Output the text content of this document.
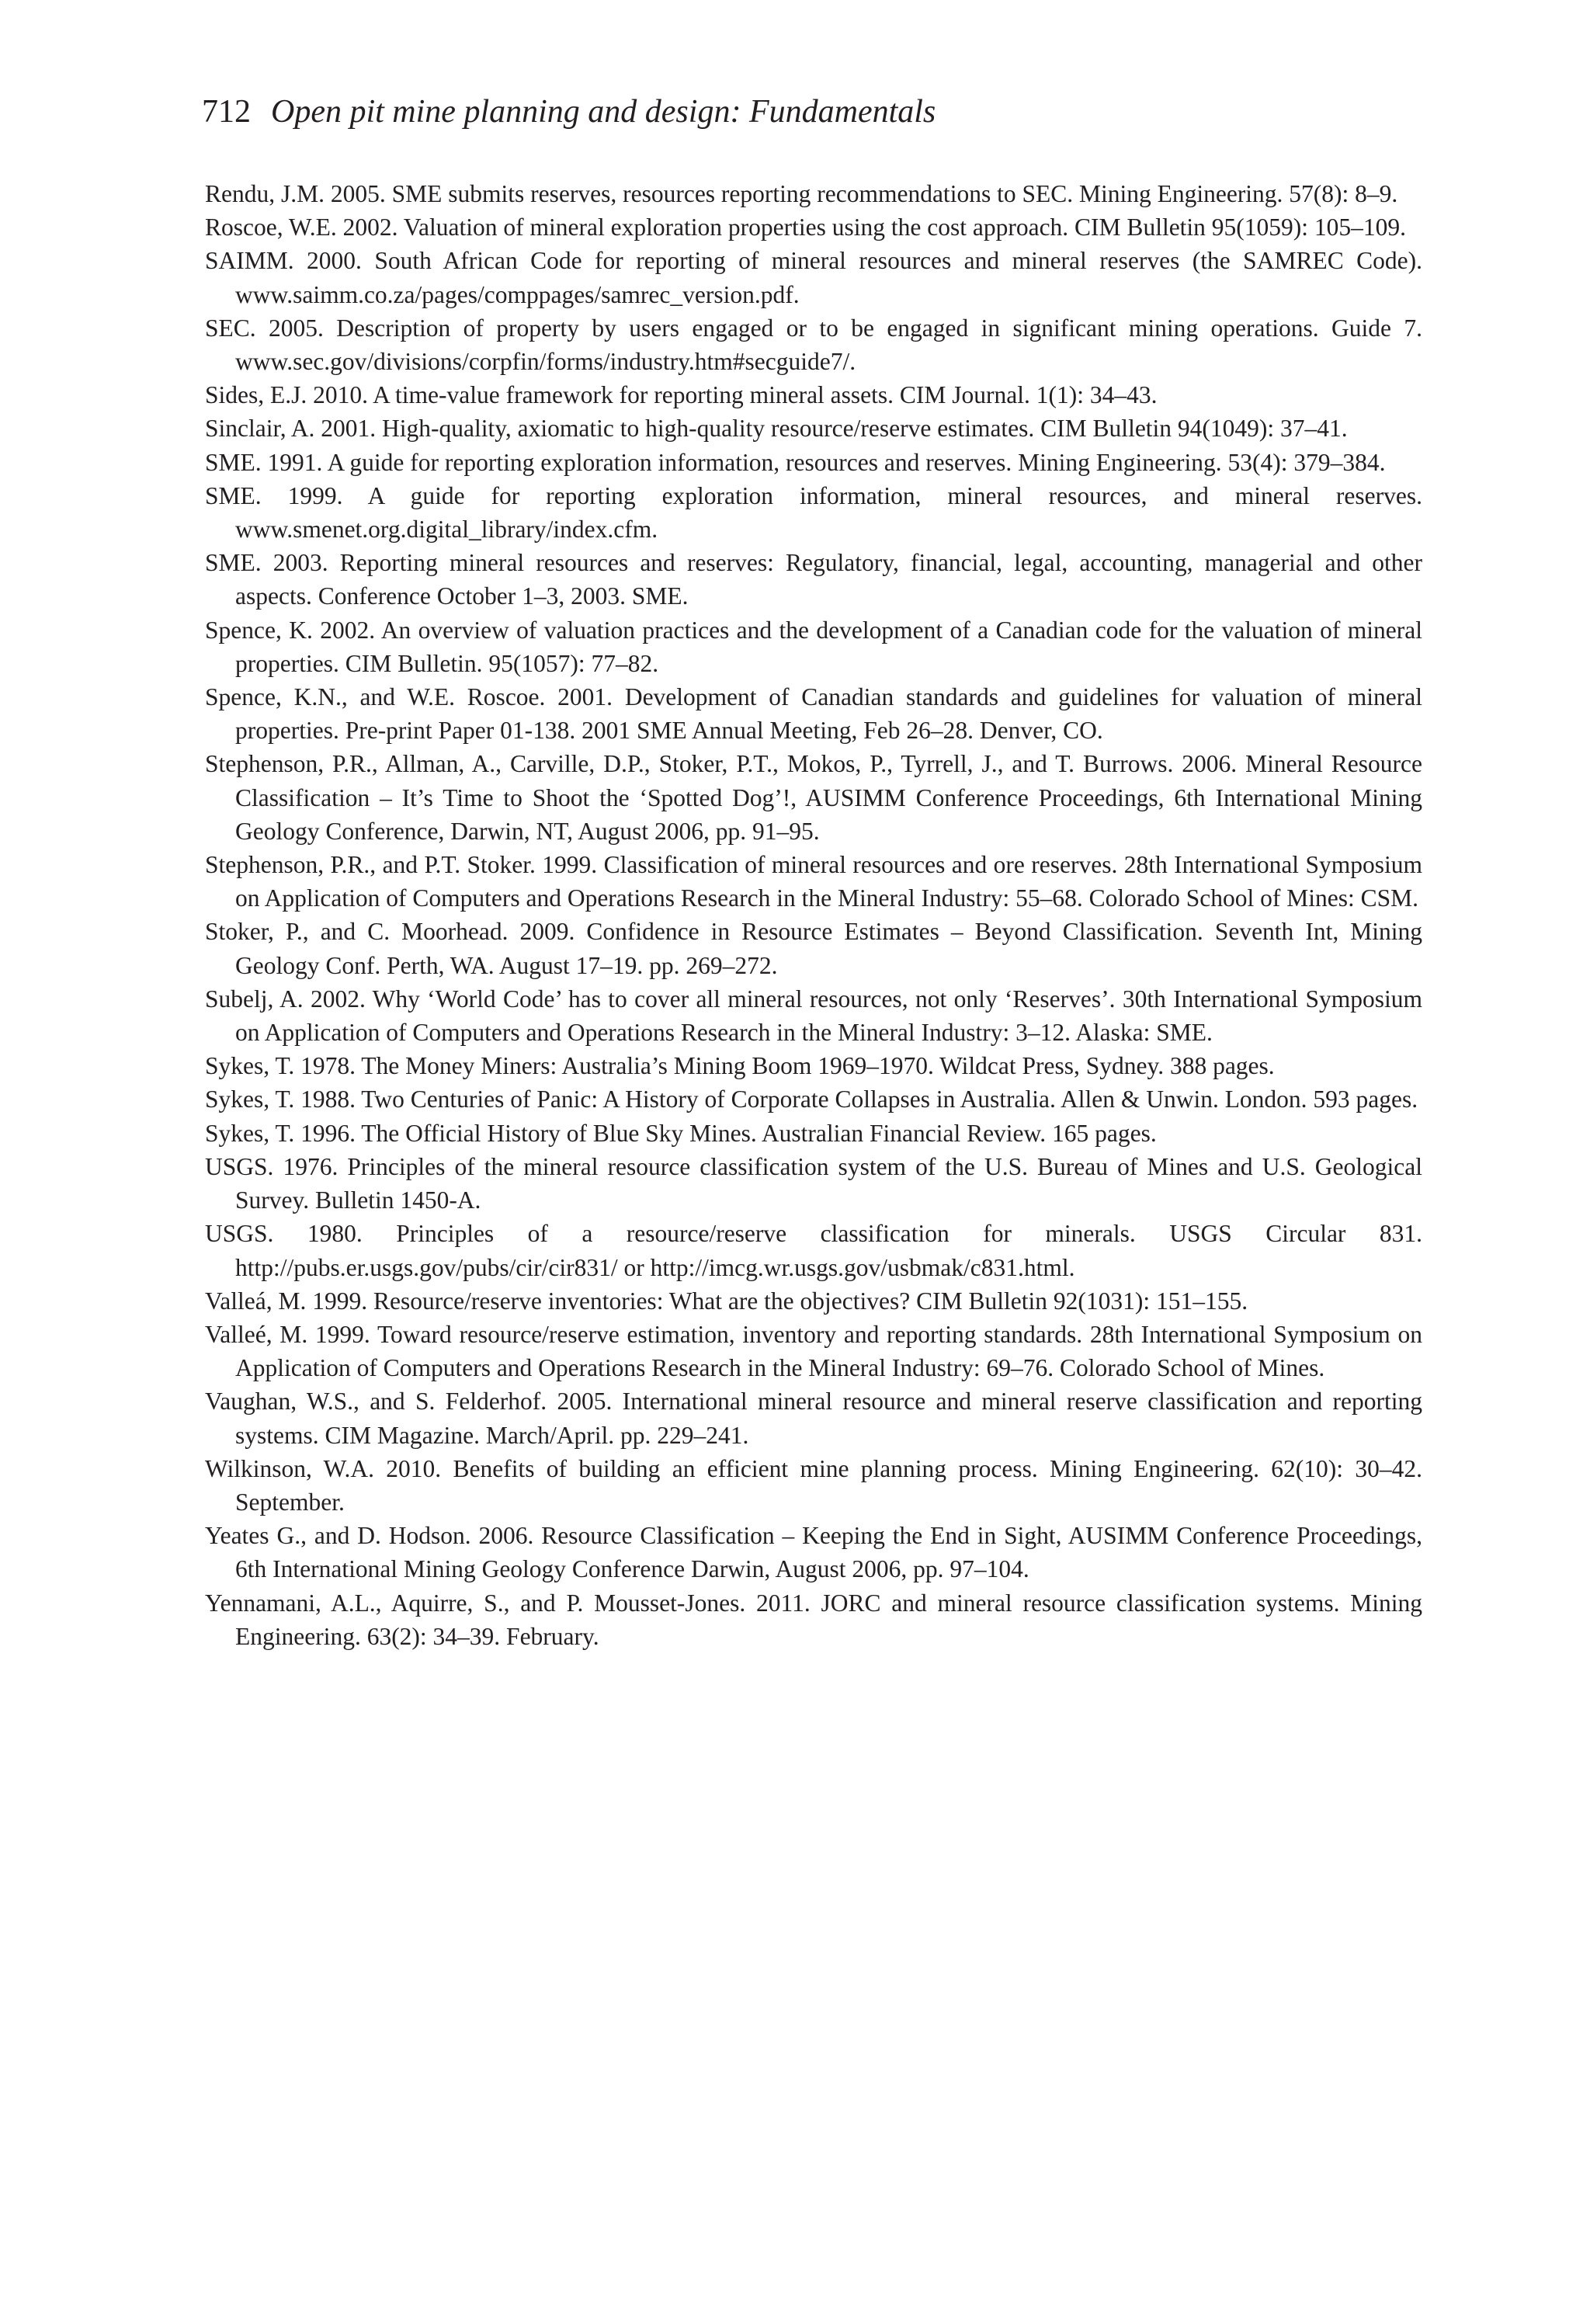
712 Open pit mine planning and design: Fundamentals
Rendu, J.M. 2005. SME submits reserves, resources reporting recommendations to SEC. Mining Engineering. 57(8): 8–9.
Roscoe, W.E. 2002. Valuation of mineral exploration properties using the cost approach. CIM Bulletin 95(1059): 105–109.
SAIMM. 2000. South African Code for reporting of mineral resources and mineral reserves (the SAMREC Code). www.saimm.co.za/pages/comppages/samrec_version.pdf.
SEC. 2005. Description of property by users engaged or to be engaged in significant mining operations. Guide 7. www.sec.gov/divisions/corpfin/forms/industry.htm#secguide7/.
Sides, E.J. 2010. A time-value framework for reporting mineral assets. CIM Journal. 1(1): 34–43.
Sinclair, A. 2001. High-quality, axiomatic to high-quality resource/reserve estimates. CIM Bulletin 94(1049): 37–41.
SME. 1991. A guide for reporting exploration information, resources and reserves. Mining Engineering. 53(4): 379–384.
SME. 1999. A guide for reporting exploration information, mineral resources, and mineral reserves. www.smenet.org.digital_library/index.cfm.
SME. 2003. Reporting mineral resources and reserves: Regulatory, financial, legal, accounting, managerial and other aspects. Conference October 1–3, 2003. SME.
Spence, K. 2002. An overview of valuation practices and the development of a Canadian code for the valuation of mineral properties. CIM Bulletin. 95(1057): 77–82.
Spence, K.N., and W.E. Roscoe. 2001. Development of Canadian standards and guidelines for valuation of mineral properties. Pre-print Paper 01-138. 2001 SME Annual Meeting, Feb 26–28. Denver, CO.
Stephenson, P.R., Allman, A., Carville, D.P., Stoker, P.T., Mokos, P., Tyrrell, J., and T. Burrows. 2006. Mineral Resource Classification – It’s Time to Shoot the ‘Spotted Dog’!, AUSIMM Conference Proceedings, 6th International Mining Geology Conference, Darwin, NT, August 2006, pp. 91–95.
Stephenson, P.R., and P.T. Stoker. 1999. Classification of mineral resources and ore reserves. 28th International Symposium on Application of Computers and Operations Research in the Mineral Industry: 55–68. Colorado School of Mines: CSM.
Stoker, P., and C. Moorhead. 2009. Confidence in Resource Estimates – Beyond Classification. Seventh Int, Mining Geology Conf. Perth, WA. August 17–19. pp. 269–272.
Subelj, A. 2002. Why ‘World Code’ has to cover all mineral resources, not only ‘Reserves’. 30th International Symposium on Application of Computers and Operations Research in the Mineral Industry: 3–12. Alaska: SME.
Sykes, T. 1978. The Money Miners: Australia’s Mining Boom 1969–1970. Wildcat Press, Sydney. 388 pages.
Sykes, T. 1988. Two Centuries of Panic: A History of Corporate Collapses in Australia. Allen & Unwin. London. 593 pages.
Sykes, T. 1996. The Official History of Blue Sky Mines. Australian Financial Review. 165 pages.
USGS. 1976. Principles of the mineral resource classification system of the U.S. Bureau of Mines and U.S. Geological Survey. Bulletin 1450-A.
USGS. 1980. Principles of a resource/reserve classification for minerals. USGS Circular 831. http://pubs.er.usgs.gov/pubs/cir/cir831/ or http://imcg.wr.usgs.gov/usbmak/c831.html.
Valleá, M. 1999. Resource/reserve inventories: What are the objectives? CIM Bulletin 92(1031): 151–155.
Valleé, M. 1999. Toward resource/reserve estimation, inventory and reporting standards. 28th International Symposium on Application of Computers and Operations Research in the Mineral Industry: 69–76. Colorado School of Mines.
Vaughan, W.S., and S. Felderhof. 2005. International mineral resource and mineral reserve classification and reporting systems. CIM Magazine. March/April. pp. 229–241.
Wilkinson, W.A. 2010. Benefits of building an efficient mine planning process. Mining Engineering. 62(10): 30–42. September.
Yeates G., and D. Hodson. 2006. Resource Classification – Keeping the End in Sight, AUSIMM Conference Proceedings, 6th International Mining Geology Conference Darwin, August 2006, pp. 97–104.
Yennamani, A.L., Aquirre, S., and P. Mousset-Jones. 2011. JORC and mineral resource classification systems. Mining Engineering. 63(2): 34–39. February.
